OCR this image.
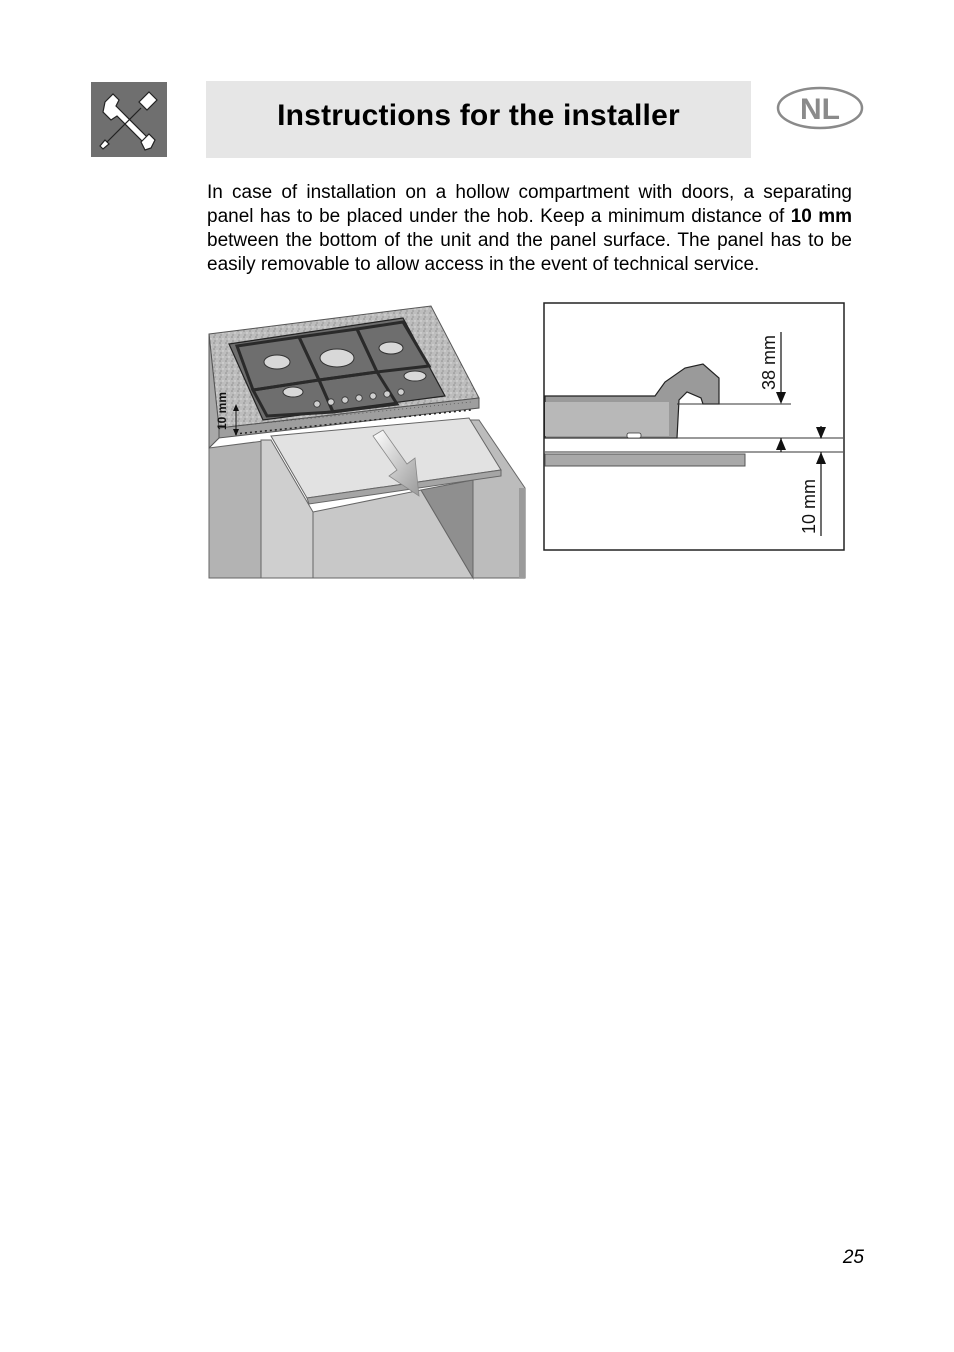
Instructions for the installer	NL
In case of installation on a hollow compartment with doors, a separating panel has to be placed under the hob. Keep a minimum distance of 10 mm between the bottom of the unit and the panel surface. The panel has to be easily removable to allow access in the event of technical service.
10 mm
38 mm
10 mm
25
